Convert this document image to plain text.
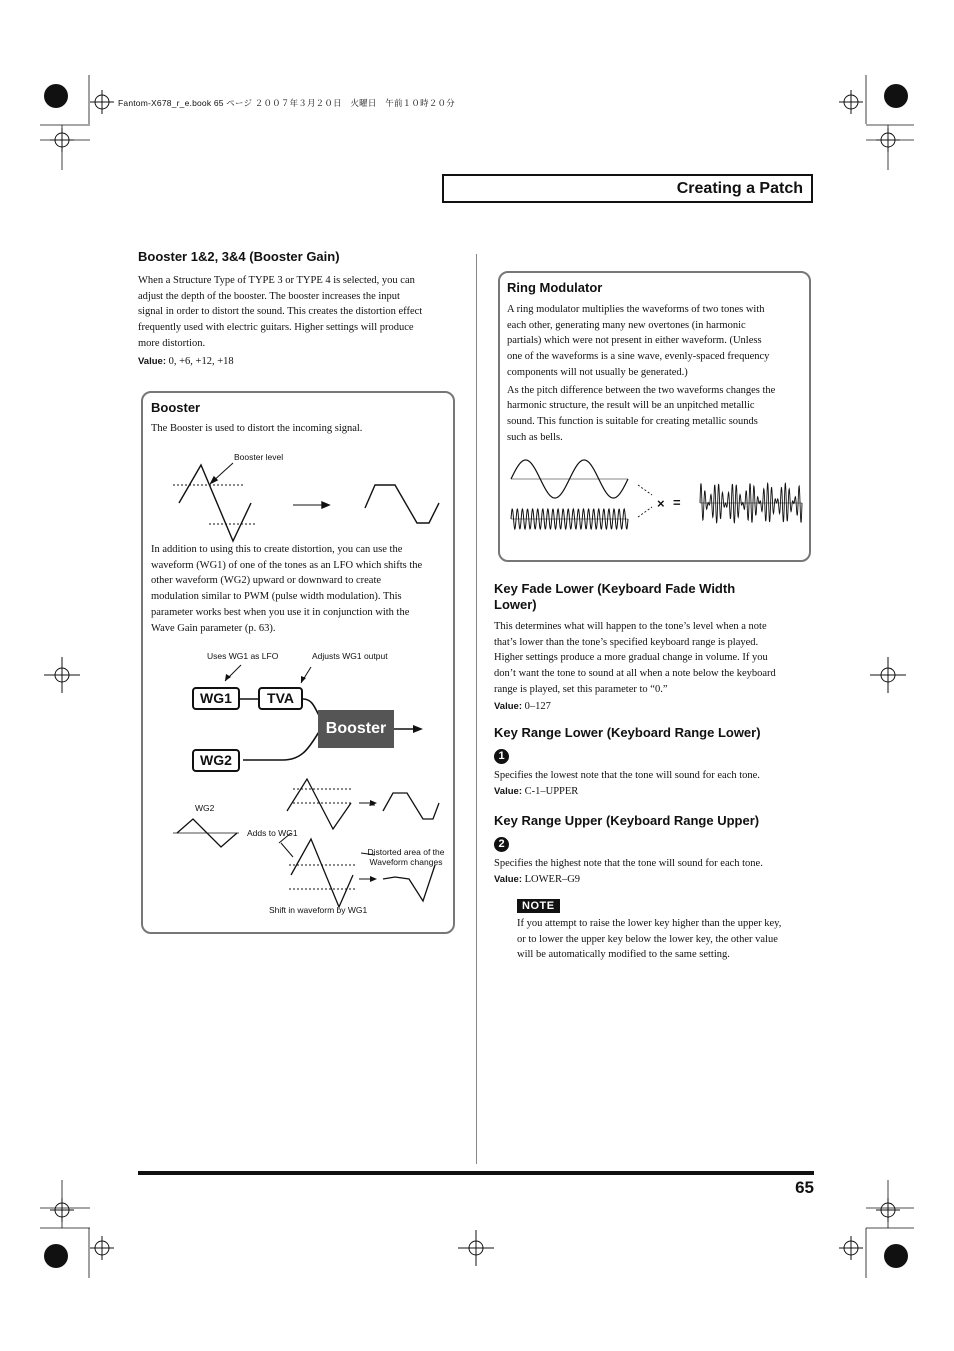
Fantom-X678_r_e.book 65 ページ ２００７年３月２０日　火曜日　午前１０時２０分
Creating a Patch
Booster 1&2, 3&4 (Booster Gain)

When a Structure Type of TYPE 3 or TYPE 4 is selected, you can

adjust the depth of the booster. The booster increases the input

signal in order to distort the sound. This creates the distortion effect

frequently used with electric guitars. Higher settings will produce

more distortion.

Value: 0, +6, +12, +18
Booster

The Booster is used to distort the incoming signal.

Booster level

In addition to using this to create distortion, you can use the

waveform (WG1) of one of the tones as an LFO which shifts the

other waveform (WG2) upward or downward to create

modulation similar to PWM (pulse width modulation). This

parameter works best when you use it in conjunction with the

Wave Gain parameter (p. 63).

Uses WG1 as LFO	Adjusts WG1 output
WG1	TVA
WG2
Booster
WG2
Adds to WG1
Distorted area of the
Waveform changes
Shift in waveform by WG1
Ring Modulator

A ring modulator multiplies the waveforms of two tones with

each other, generating many new overtones (in harmonic

partials) which were not present in either waveform. (Unless

one of the waveforms is a sine wave, evenly-spaced frequency

components will not usually be generated.)

As the pitch difference between the two waveforms changes the

harmonic structure, the result will be an unpitched metallic

sound. This function is suitable for creating metallic sounds

such as bells.

× =
Key Fade Lower (Keyboard Fade Width
Lower)

This determines what will happen to the tone’s level when a note

that’s lower than the tone’s specified keyboard range is played.

Higher settings produce a more gradual change in volume. If you

don’t want the tone to sound at all when a note below the keyboard

range is played, set this parameter to “0.”

Value: 0–127
Key Range Lower (Keyboard Range Lower)
1

Specifies the lowest note that the tone will sound for each tone.

Value: C-1–UPPER
Key Range Upper (Keyboard Range Upper)
2

Specifies the highest note that the tone will sound for each tone.

Value: LOWER–G9
NOTE

If you attempt to raise the lower key higher than the upper key,

or to lower the upper key below the lower key, the other value

will be automatically modified to the same setting.

65
